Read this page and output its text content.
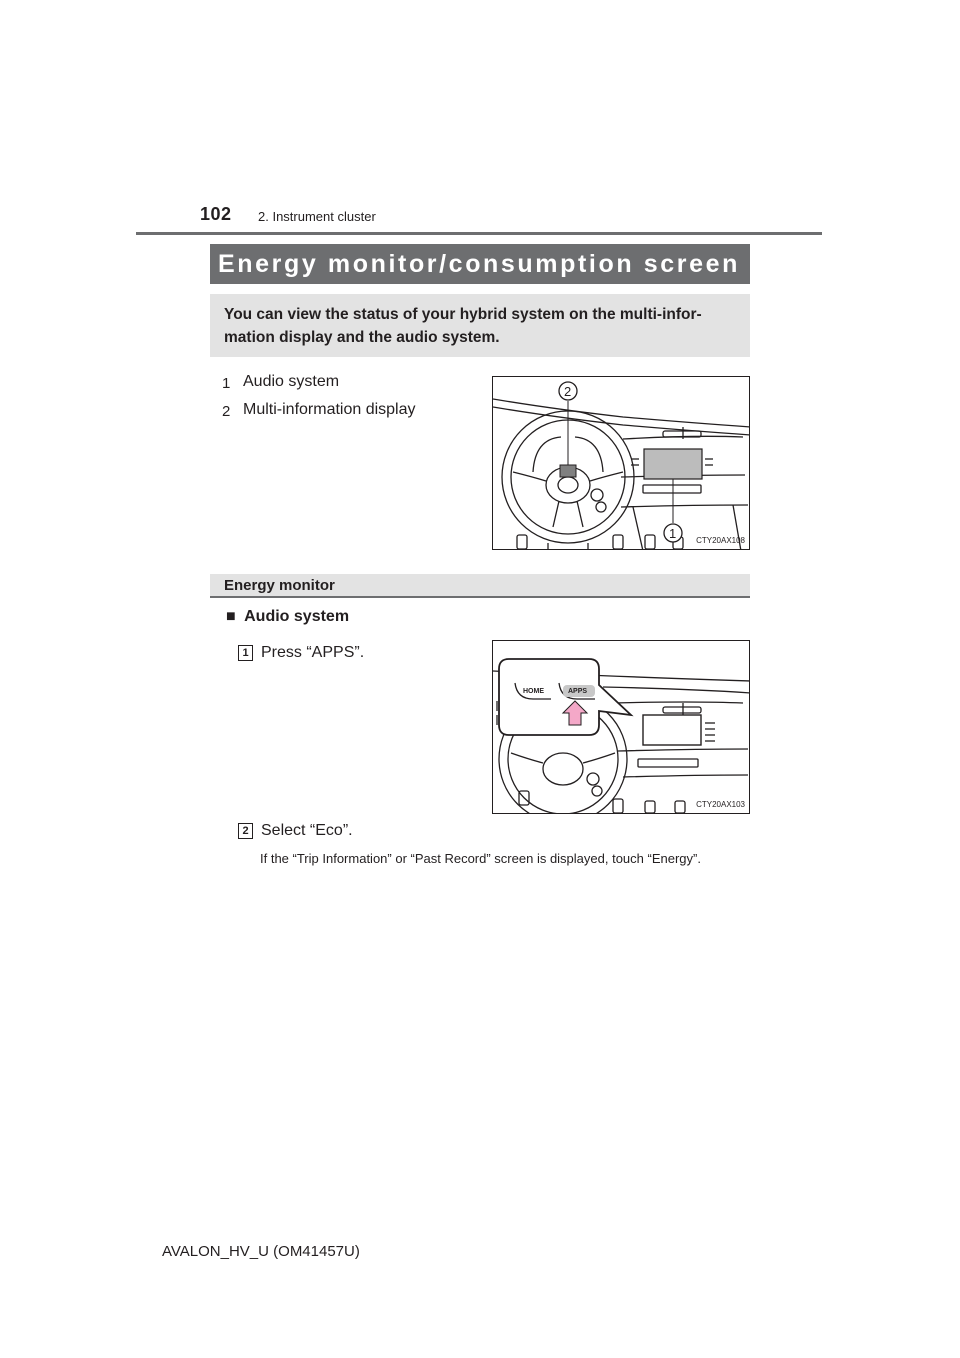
102 2. Instrument cluster
Energy monitor/consumption screen
You can view the status of your hybrid system on the multi-infor-
mation display and the audio system.
1 Audio system
2 Multi-information display
2
1 CTY20AX108
Energy monitor
■ Audio system
1 Press “APPS”.
HOME	APPS
CTY20AX103
2 Select “Eco”.
If the “Trip Information” or “Past Record” screen is displayed, touch “Energy”.
AVALON_HV_U (OM41457U)
